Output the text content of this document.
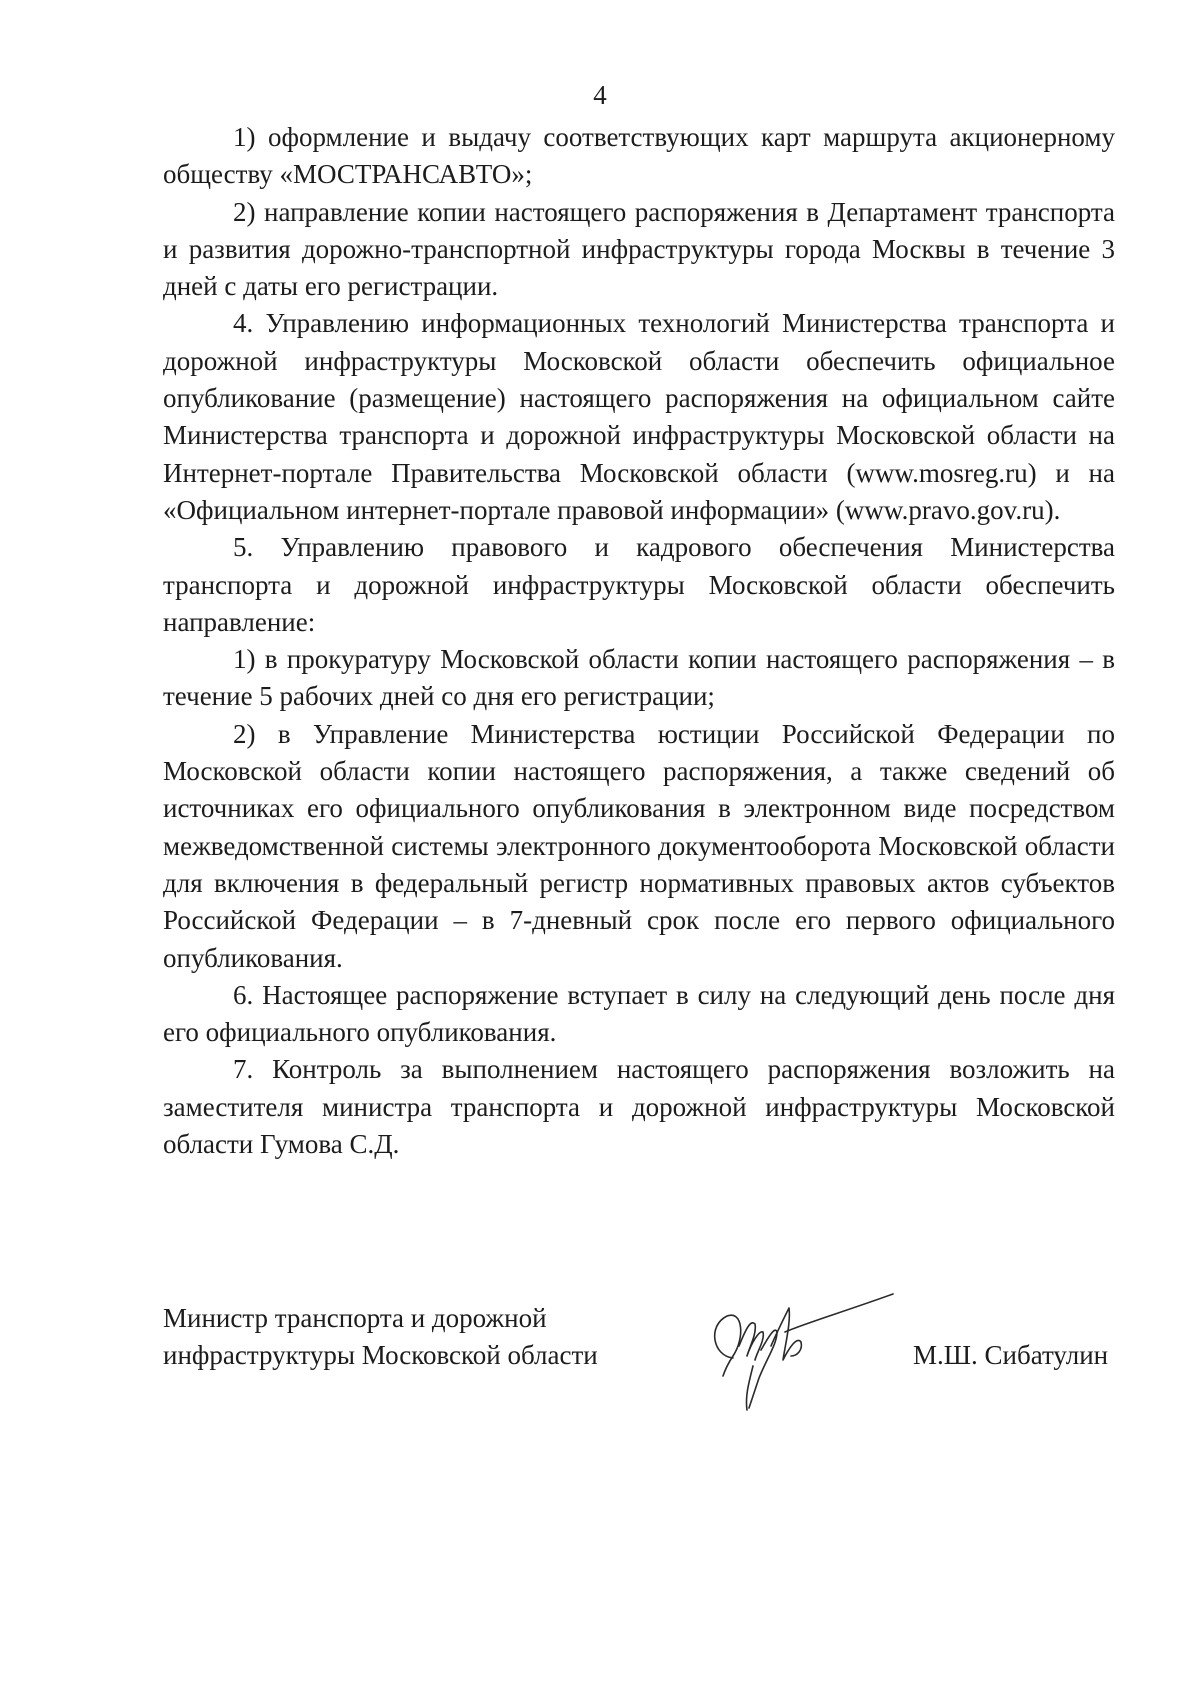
4

1) оформление и выдачу соответствующих карт маршрута акционерному обществу «МОСТРАНСАВТО»;

2) направление копии настоящего распоряжения в Департамент транспорта и развития дорожно-транспортной инфраструктуры города Москвы в течение 3 дней с даты его регистрации.

4. Управлению информационных технологий Министерства транспорта и дорожной инфраструктуры Московской области обеспечить официальное опубликование (размещение) настоящего распоряжения на официальном сайте Министерства транспорта и дорожной инфраструктуры Московской области на Интернет-портале Правительства Московской области (www.mosreg.ru) и на «Официальном интернет-портале правовой информации» (www.pravo.gov.ru).

5. Управлению правового и кадрового обеспечения Министерства транспорта и дорожной инфраструктуры Московской области обеспечить направление:

1) в прокуратуру Московской области копии настоящего распоряжения – в течение 5 рабочих дней со дня его регистрации;

2) в Управление Министерства юстиции Российской Федерации по Московской области копии настоящего распоряжения, а также сведений об источниках его официального опубликования в электронном виде посредством межведомственной системы электронного документооборота Московской области для включения в федеральный регистр нормативных правовых актов субъектов Российской Федерации – в 7-дневный срок после его первого официального опубликования.

6. Настоящее распоряжение вступает в силу на следующий день после дня его официального опубликования.

7. Контроль за выполнением настоящего распоряжения возложить на заместителя министра транспорта и дорожной инфраструктуры Московской области Гумова С.Д.

Министр транспорта и дорожной
инфраструктуры Московской области	М.Ш. Сибатулин
